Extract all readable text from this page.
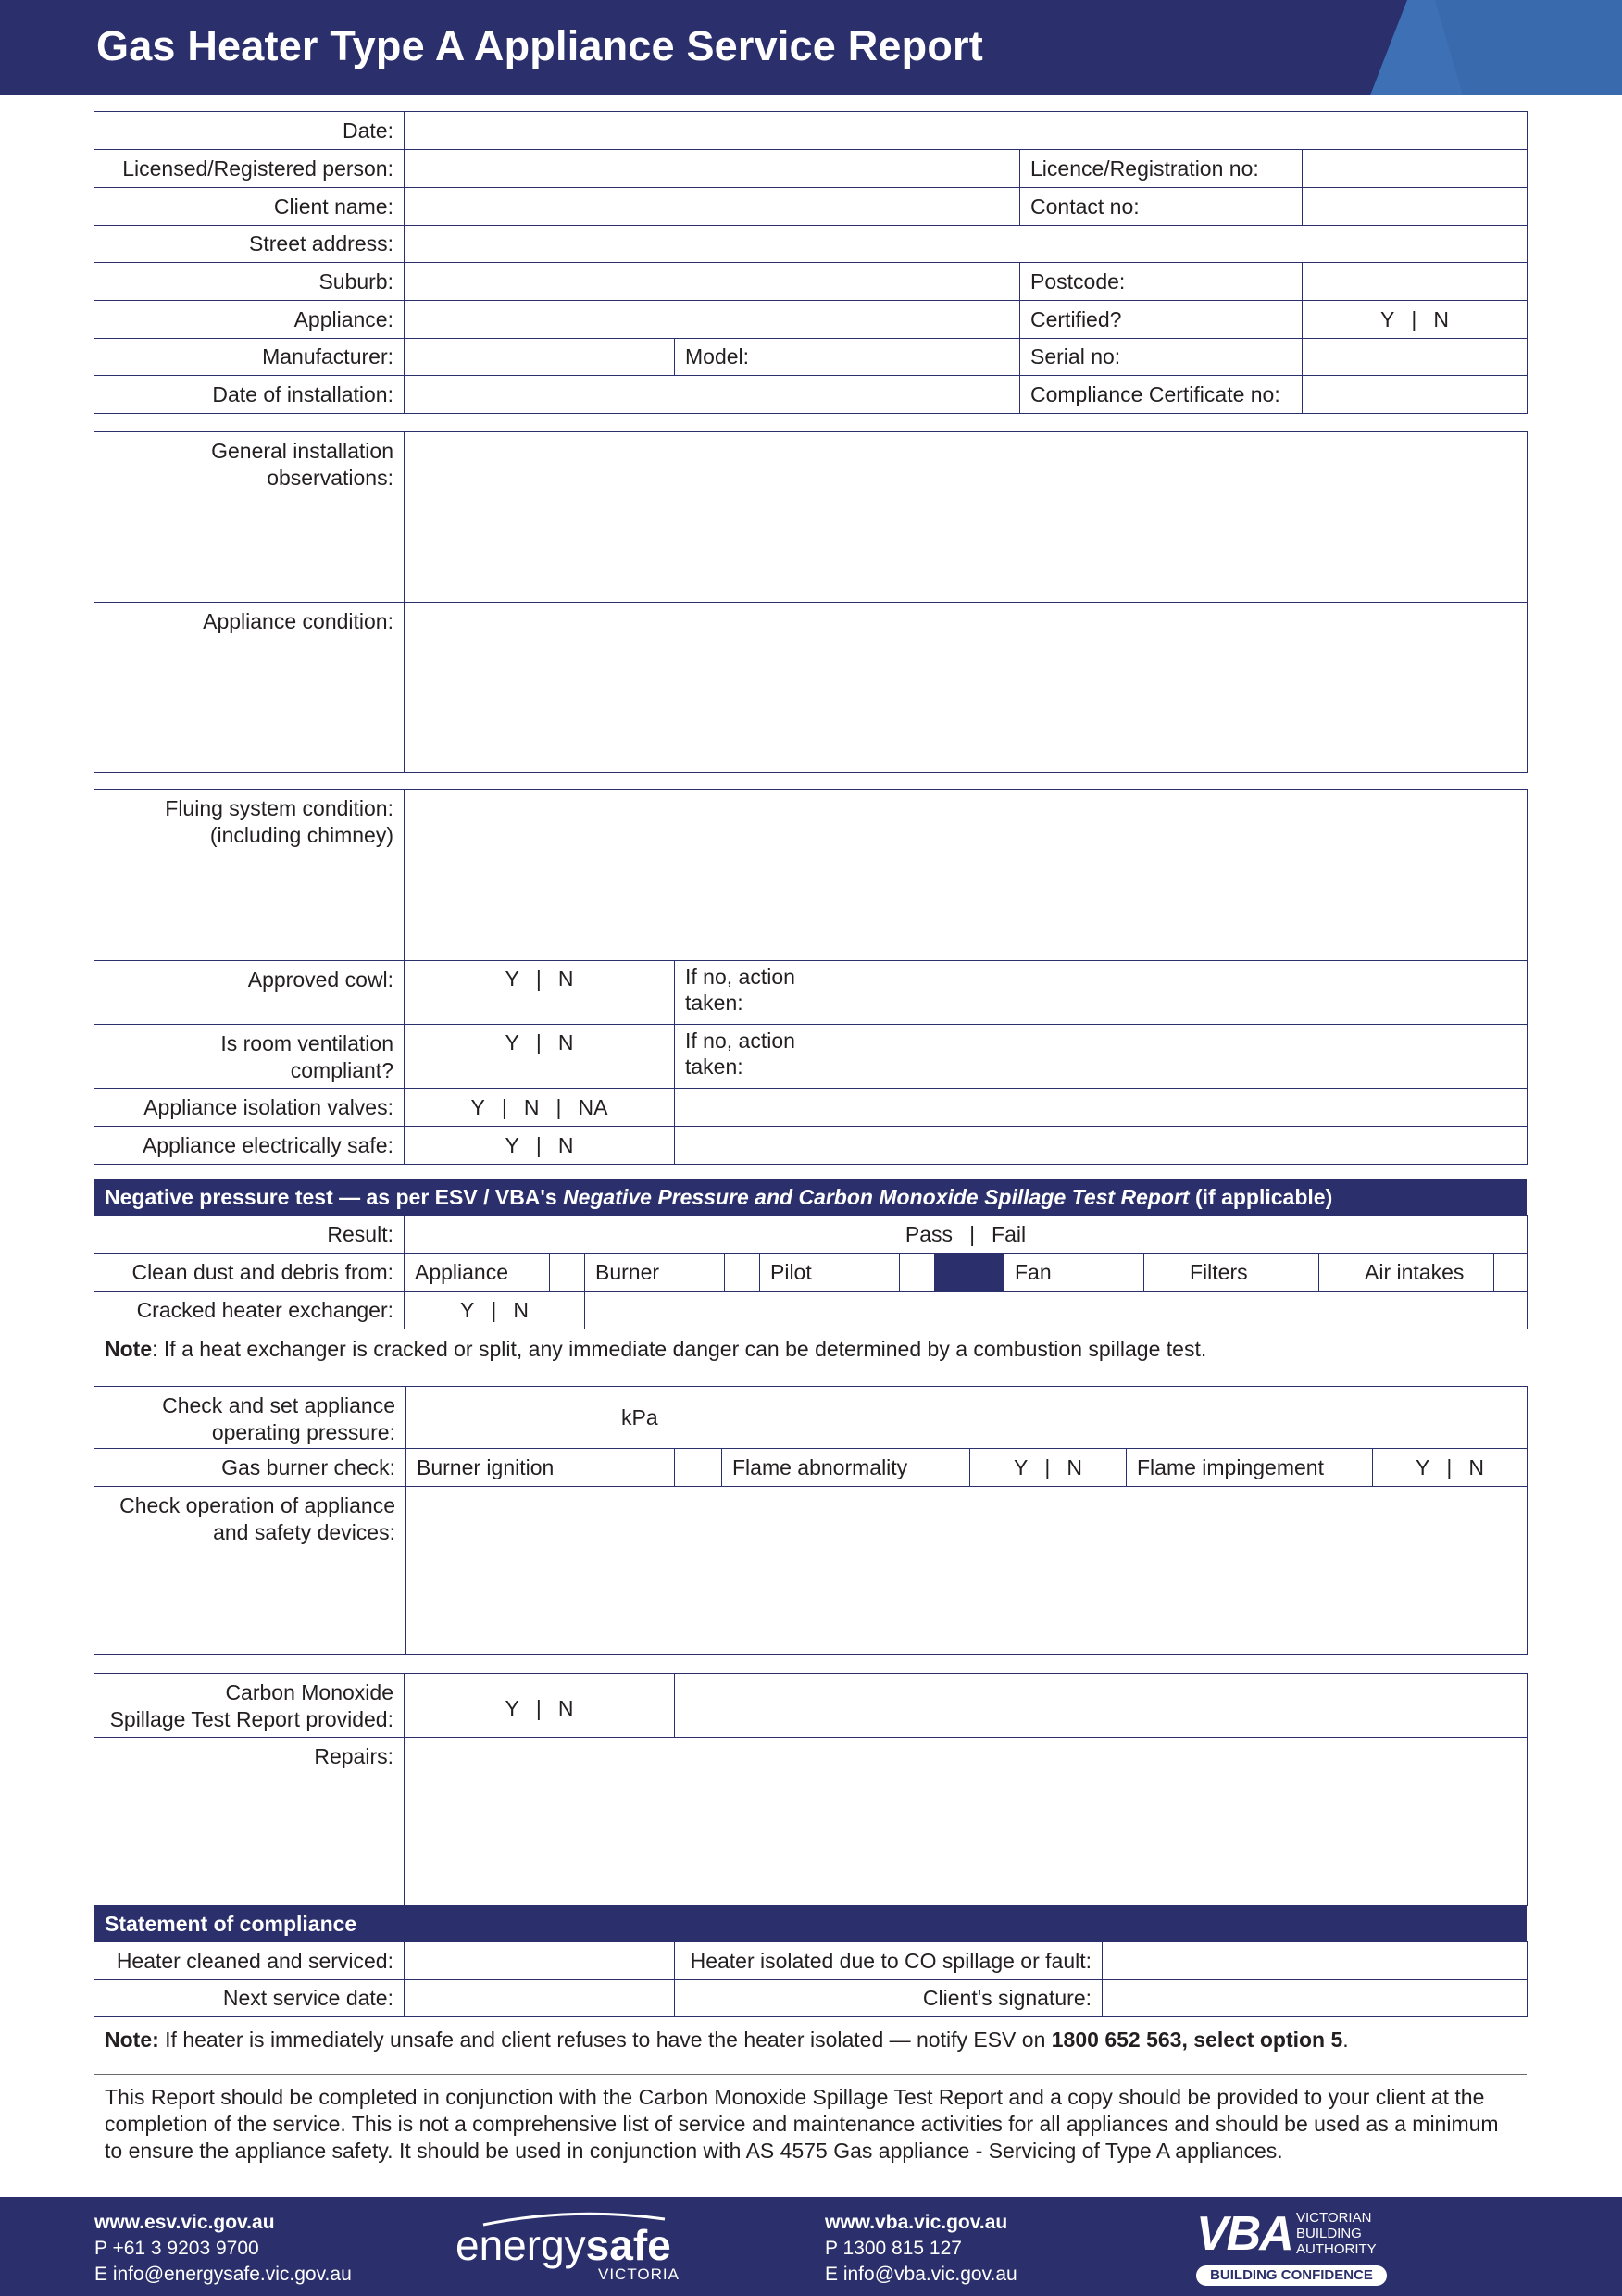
Gas Heater Type A Appliance Service Report
Date:					
Licensed/Registered person:				Licence/Registration no:	
Client name:				Contact no:	
Street address:					
Suburb:				Postcode:	
Appliance:				Certified?	Y | N
Manufacturer:		Model:		Serial no:	
Date of installation:				Compliance Certificate no:	
General installation
observations:	
Appliance condition:	
Fluing system condition:
(including chimney)			
Approved cowl:	Y | N	If no, action
taken:	
Is room ventilation
compliant?	Y | N	If no, action
taken:	
Appliance isolation valves:	Y | N | NA		
Appliance electrically safe:	Y | N		
Negative pressure test — as per ESV / VBA's Negative Pressure and Carbon Monoxide Spillage Test Report (if applicable)
Result:	Pass | Fail												
Clean dust and debris from:	Appliance		Burner		Pilot			Fan		Filters		Air intakes	
Cracked heater exchanger:	Y | N												
Note: If a heat exchanger is cracked or split, any immediate danger can be determined by a combustion spillage test.
Check and set appliance
operating pressure:	kPa					
Gas burner check:	Burner ignition		Flame abnormality	Y | N	Flame impingement	Y | N
Check operation of appliance
and safety devices:						
Carbon Monoxide
Spillage Test Report provided:	Y | N	
Repairs:		
Statement of compliance
Heater cleaned and serviced:		Heater isolated due to CO spillage or fault:	
Next service date:		Client's signature:	
Note: If heater is immediately unsafe and client refuses to have the heater isolated — notify ESV on 1800 652 563, select option 5.
This Report should be completed in conjunction with the Carbon Monoxide Spillage Test Report and a copy should be provided to your client at the completion of the service. This is not a comprehensive list of service and maintenance activities for all appliances and should be used as a minimum to ensure the appliance safety. It should be used in conjunction with AS 4575 Gas appliance - Servicing of Type A appliances.
www.esv.vic.gov.au
P +61 3 9203 9700
E info@energysafe.vic.gov.au
energysafe
VICTORIA
www.vba.vic.gov.au
P 1300 815 127
E info@vba.vic.gov.au
VBA VICTORIAN
BUILDING
AUTHORITY
BUILDING CONFIDENCE
